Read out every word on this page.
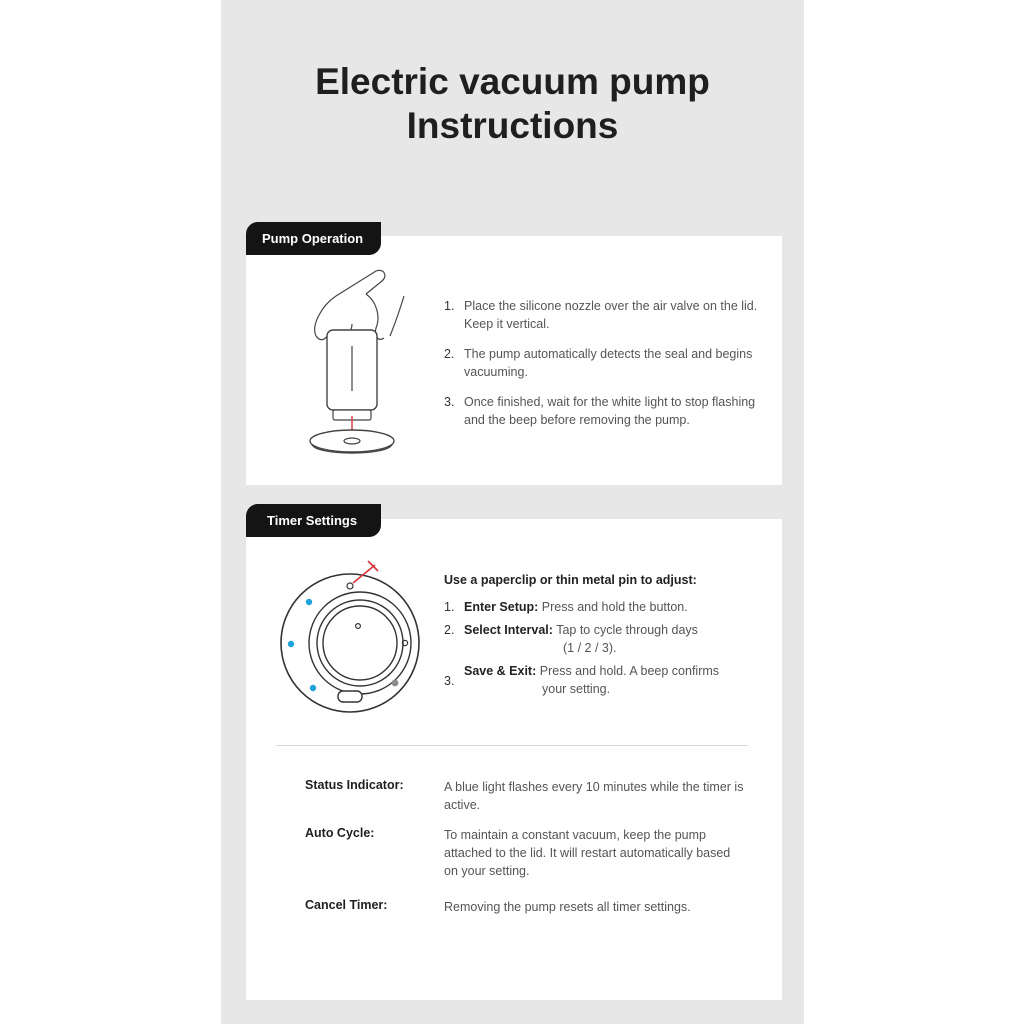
Electric vacuum pump
Instructions
1. Place the silicone nozzle over the air valve on the lid. Keep it vertical.
2. The pump automatically detects the seal and begins vacuuming.
3. Once finished, wait for the white light to stop flashing and the beep before removing the pump.
Pump Operation
Use a paperclip or thin metal pin to adjust:
1. Enter Setup: Press and hold the button.
2. Select Interval: Tap to cycle through days
(1 / 2 / 3).
3.
Save & Exit: Press and hold. A beep confirms
your setting.
Status Indicator:	A blue light flashes every 10 minutes while the timer is active.
Auto Cycle:	To maintain a constant vacuum, keep the pump attached to the lid. It will restart automatically based on your setting.
Cancel Timer:	Removing the pump resets all timer settings.
Timer Settings
